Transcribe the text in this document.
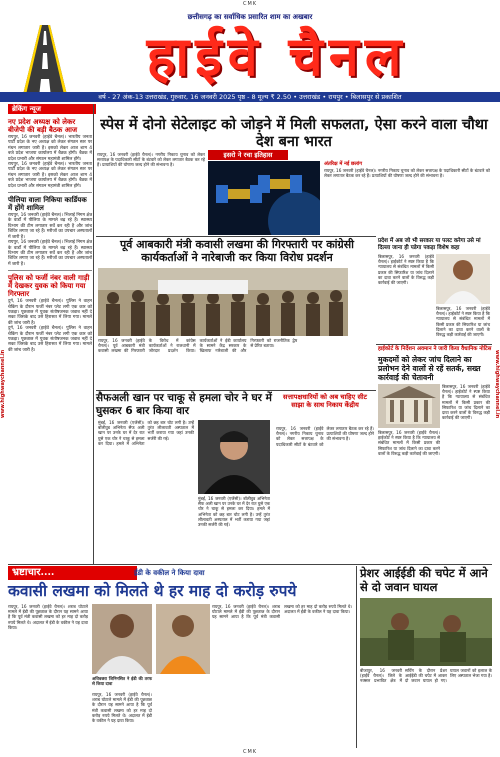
CMK
www.highwaychannel.in	www.highwaychannel.in
छत्तीसगढ़ का सर्वाधिक प्रसारित शाम का अखबार
हाईवे चैनल
वर्ष - 27 अंक-13 उत्तराखंड, गुरुवार, 16 जनवरी 2025 पृष्ठ - 8 मूल्य ₹ 2.50 • उत्तराखंड • रायपुर • बिलासपुर से प्रकाशित
ब्रेकिंग न्यूज
नए प्रदेश अध्यक्ष को लेकर बीजेपी की बड़ी बैठक आज
रायपुर, 16 जनवरी (हाईवे चैनल)। भारतीय जनता पार्टी प्रदेश के नए अध्यक्ष को लेकर संगठन स्तर पर मंथन लगातार जारी है। इसको लेकर आज शाम 4 बजे प्रदेश भाजपा कार्यालय में बैठक होगी। बैठक में प्रदेश प्रभारी और संगठन महामंत्री शामिल होंगे।
रायपुर, 16 जनवरी (हाईवे चैनल)। भारतीय जनता पार्टी प्रदेश के नए अध्यक्ष को लेकर संगठन स्तर पर मंथन लगातार जारी है। इसको लेकर आज शाम 4 बजे प्रदेश भाजपा कार्यालय में बैठक होगी। बैठक में प्रदेश प्रभारी और संगठन महामंत्री शामिल होंगे।
पीलिया वाला निकिया कार्डियक में होंगे शामिल
रायपुर, 16 जनवरी (हाईवे चैनल)। भिलाई निगम क्षेत्र के वार्डों में पीलिया के मामले बढ़ रहे हैं। स्वास्थ्य विभाग की टीम लगातार सर्वे कर रही है और जांच शिविर लगाए जा रहे हैं। मरीजों का उपचार अस्पतालों में जारी है।
रायपुर, 16 जनवरी (हाईवे चैनल)। भिलाई निगम क्षेत्र के वार्डों में पीलिया के मामले बढ़ रहे हैं। स्वास्थ्य विभाग की टीम लगातार सर्वे कर रही है और जांच शिविर लगाए जा रहे हैं। मरीजों का उपचार अस्पतालों में जारी है।
पुलिस को फर्जी नंबर वाली गाड़ी में देखकर युवक को किया गया गिरफ्तार
दुर्ग, 16 जनवरी (हाईवे चैनल)। पुलिस ने वाहन चेकिंग के दौरान फर्जी नंबर प्लेट लगी एक कार को पकड़ा। पूछताछ में युवक संतोषजनक जवाब नहीं दे सका जिसके बाद उसे हिरासत में लिया गया। मामले की जांच जारी है।
दुर्ग, 16 जनवरी (हाईवे चैनल)। पुलिस ने वाहन चेकिंग के दौरान फर्जी नंबर प्लेट लगी एक कार को पकड़ा। पूछताछ में युवक संतोषजनक जवाब नहीं दे सका जिसके बाद उसे हिरासत में लिया गया। मामले की जांच जारी है।
स्पेस में दोनो सेटेलाइट को जोड़ने में मिली सफलता, ऐसा करने वाला चौथा देश बना भारत
रायपुर, 16 जनवरी (हाईवे चैनल)। नगरीय निकाय चुनाव को लेकर सत्तापक्ष के पदाधिकारी सीटों के बंटवारे को लेकर लगातार बैठक कर रहे हैं। प्रत्याशियों की घोषणा जल्द होने की संभावना है।
इसरो ने रचा इतिहास
अंतरिक्ष में नई छलांग
रायपुर, 16 जनवरी (हाईवे चैनल)। नगरीय निकाय चुनाव को लेकर सत्तापक्ष के पदाधिकारी सीटों के बंटवारे को लेकर लगातार बैठक कर रहे हैं। प्रत्याशियों की घोषणा जल्द होने की संभावना है।
पूर्व आबकारी मंत्री कवासी लखमा की गिरफ्तारी पर कांग्रेसी कार्यकर्ताओं ने नारेबाजी कर किया विरोध प्रदर्शन
रायपुर, 16 जनवरी (हाईवे चैनल)। पूर्व आबकारी मंत्री कवासी लखमा की गिरफ्तारी के विरोध में कांग्रेस कार्यकर्ताओं ने राजधानी में जोरदार प्रदर्शन किया। कार्यकर्ताओं ने ईडी कार्यालय के सामने केंद्र सरकार के खिलाफ नारेबाजी की और गिरफ्तारी को राजनीतिक द्वेष से प्रेरित बताया।
प्रदेश में अब जो भी सरकार या पलट करेगा उसे मां दिल्ला जाना ही पडेगा पकड़ा विशेष कहा
बिलासपुर, 16 जनवरी (हाईवे चैनल)। हाईकोर्ट ने स्पष्ट किया है कि न्यायालय से संबंधित मामलों में किसी प्रकार की सिफारिश या जांच दिलाने का दावा करने वालों के विरुद्ध कड़ी कार्रवाई की जाएगी।
बिलासपुर, 16 जनवरी (हाईवे चैनल)। हाईकोर्ट ने स्पष्ट किया है कि न्यायालय से संबंधित मामलों में किसी प्रकार की सिफारिश या जांच दिलाने का दावा करने वालों के विरुद्ध कड़ी कार्रवाई की जाएगी।
हाईकोर्ट के निर्देशन अवमान ने जारी किया वैधानिक नोटिस
मुकदमों को लेकर जांच दिलाने का प्रलोभन देने वालों से रहें सतर्क, सख्त कार्रवाई की चेतावनी
बिलासपुर, 16 जनवरी (हाईवे चैनल)। हाईकोर्ट ने स्पष्ट किया है कि न्यायालय से संबंधित मामलों में किसी प्रकार की सिफारिश या जांच दिलाने का दावा करने वालों के विरुद्ध कड़ी कार्रवाई की जाएगी।
बिलासपुर, 16 जनवरी (हाईवे चैनल)। हाईकोर्ट ने स्पष्ट किया है कि न्यायालय से संबंधित मामलों में किसी प्रकार की सिफारिश या जांच दिलाने का दावा करने वालों के विरुद्ध कड़ी कार्रवाई की जाएगी।
सैफअली खान पर चाकू से हमला चोर ने घर में घुसकर 6 बार किया वार
मुंबई, 16 जनवरी (एजेंसी)। बॉलीवुड अभिनेता सैफ अली खान पर उनके घर में देर रात घुसे एक चोर ने चाकू से हमला कर दिया। हमले में अभिनेता को छह बार चोट लगी है। उन्हें तुरंत लीलावती अस्पताल में भर्ती कराया गया जहां उनकी सर्जरी की गई।
मुंबई, 16 जनवरी (एजेंसी)। बॉलीवुड अभिनेता सैफ अली खान पर उनके घर में देर रात घुसे एक चोर ने चाकू से हमला कर दिया। हमले में अभिनेता को छह बार चोट लगी है। उन्हें तुरंत लीलावती अस्पताल में भर्ती कराया गया जहां उनकी सर्जरी की गई।
सत्तापक्षधारियों को अब चाहिए सीट साझा के साथ निकाय केंद्रीय
रायपुर, 16 जनवरी (हाईवे चैनल)। नगरीय निकाय चुनाव को लेकर सत्तापक्ष के पदाधिकारी सीटों के बंटवारे को लेकर लगातार बैठक कर रहे हैं। प्रत्याशियों की घोषणा जल्द होने की संभावना है।
भ्रष्टाचार....	ईडी के वकील ने किया दावा
कवासी लखमा को मिलते थे हर माह दो करोड़ रुपये
रायपुर, 16 जनवरी (हाईवे चैनल)। शराब घोटाले मामले में ईडी की पूछताछ के दौरान यह सामने आया है कि पूर्व मंत्री कवासी लखमा को हर माह दो करोड़ रुपये मिलते थे। अदालत में ईडी के वकील ने यह दावा किया।
अधिवक्ता जिनिनसित ने ईडी की तरफ से किया दावा
रायपुर, 16 जनवरी (हाईवे चैनल)। शराब घोटाले मामले में ईडी की पूछताछ के दौरान यह सामने आया है कि पूर्व मंत्री कवासी लखमा को हर माह दो करोड़ रुपये मिलते थे। अदालत में ईडी के वकील ने यह दावा किया।
रायपुर, 16 जनवरी (हाईवे चैनल)। शराब घोटाले मामले में ईडी की पूछताछ के दौरान यह सामने आया है कि पूर्व मंत्री कवासी लखमा को हर माह दो करोड़ रुपये मिलते थे। अदालत में ईडी के वकील ने यह दावा किया।
प्रेशर आईईडी की चपेट में आने से दो जवान घायल
बीजापुर, 16 जनवरी (हाईवे चैनल)। जिले के नक्सल प्रभावित क्षेत्र में सर्चिंग के दौरान प्रेशर आईईडी की चपेट में आकर दो जवान घायल हो गए। घायल जवानों को इलाज के लिए अस्पताल भेजा गया है।
CMK
